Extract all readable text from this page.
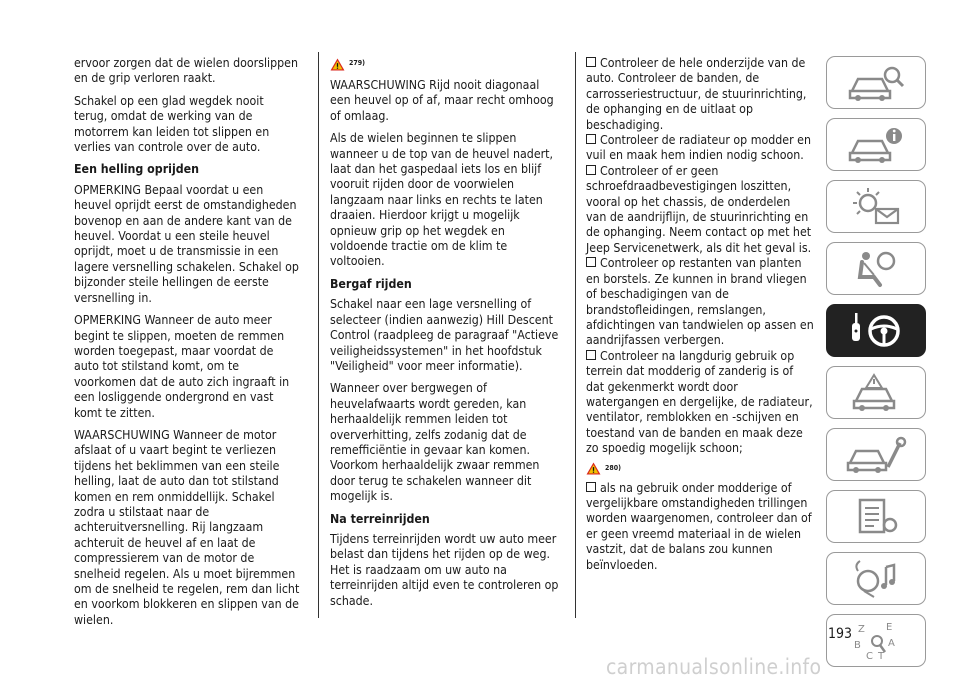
ervoor zorgen dat de wielen doorslippen en de grip verloren raakt.

Schakel op een glad wegdek nooit terug, omdat de werking van de motorrem kan leiden tot slippen en verlies van controle over de auto.

Een helling oprijden

OPMERKING Bepaal voordat u een heuvel oprijdt eerst de omstandigheden bovenop en aan de andere kant van de heuvel. Voordat u een steile heuvel oprijdt, moet u de transmissie in een lagere versnelling schakelen. Schakel op bijzonder steile hellingen de eerste versnelling in.

OPMERKING Wanneer de auto meer begint te slippen, moeten de remmen worden toegepast, maar voordat de auto tot stilstand komt, om te voorkomen dat de auto zich ingraaft in een losliggende ondergrond en vast komt te zitten.

WAARSCHUWING Wanneer de motor afslaat of u vaart begint te verliezen tijdens het beklimmen van een steile helling, laat de auto dan tot stilstand komen en rem onmiddellijk. Schakel zodra u stilstaat naar de achteruitversnelling. Rij langzaam achteruit de heuvel af en laat de compressierem van de motor de snelheid regelen. Als u moet bijremmen om de snelheid te regelen, rem dan licht en voorkom blokkeren en slippen van de wielen.

279)

WAARSCHUWING Rijd nooit diagonaal een heuvel op of af, maar recht omhoog of omlaag.

Als de wielen beginnen te slippen wanneer u de top van de heuvel nadert, laat dan het gaspedaal iets los en blijf vooruit rijden door de voorwielen langzaam naar links en rechts te laten draaien. Hierdoor krijgt u mogelijk opnieuw grip op het wegdek en voldoende tractie om de klim te voltooien.

Bergaf rijden

Schakel naar een lage versnelling of selecteer (indien aanwezig) Hill Descent Control (raadpleeg de paragraaf "Actieve veiligheidssystemen" in het hoofdstuk "Veiligheid" voor meer informatie).

Wanneer over bergwegen of heuvelafwaarts wordt gereden, kan herhaaldelijk remmen leiden tot oververhitting, zelfs zodanig dat de remefficiëntie in gevaar kan komen. Voorkom herhaaldelijk zwaar remmen door terug te schakelen wanneer dit mogelijk is.

Na terreinrijden

Tijdens terreinrijden wordt uw auto meer belast dan tijdens het rijden op de weg. Het is raadzaam om uw auto na terreinrijden altijd even te controleren op schade.

Controleer de hele onderzijde van de auto. Controleer de banden, de carrosseriestructuur, de stuurinrichting, de ophanging en de uitlaat op beschadiging.

Controleer de radiateur op modder en vuil en maak hem indien nodig schoon.

Controleer of er geen schroefdraadbevestigingen loszitten, vooral op het chassis, de onderdelen van de aandrijflijn, de stuurinrichting en de ophanging. Neem contact op met het Jeep Servicenetwerk, als dit het geval is.

Controleer op restanten van planten en borstels. Ze kunnen in brand vliegen of beschadigingen van de brandstofleidingen, remslangen, afdichtingen van tandwielen op assen en aandrijfassen verbergen.

Controleer na langdurig gebruik op terrein dat modderig of zanderig is of dat gekenmerkt wordt door watergangen en dergelijke, de radiateur, ventilator, remblokken en -schijven en toestand van de banden en maak deze zo spoedig mogelijk schoon;

280)

als na gebruik onder modderige of vergelijkbare omstandigheden trillingen worden waargenomen, controleer dan of er geen vreemd materiaal in de wielen vastzit, dat de balans zou kunnen beïnvloeden.

Z E
B	A
C T
193
carmanualsonline.info
